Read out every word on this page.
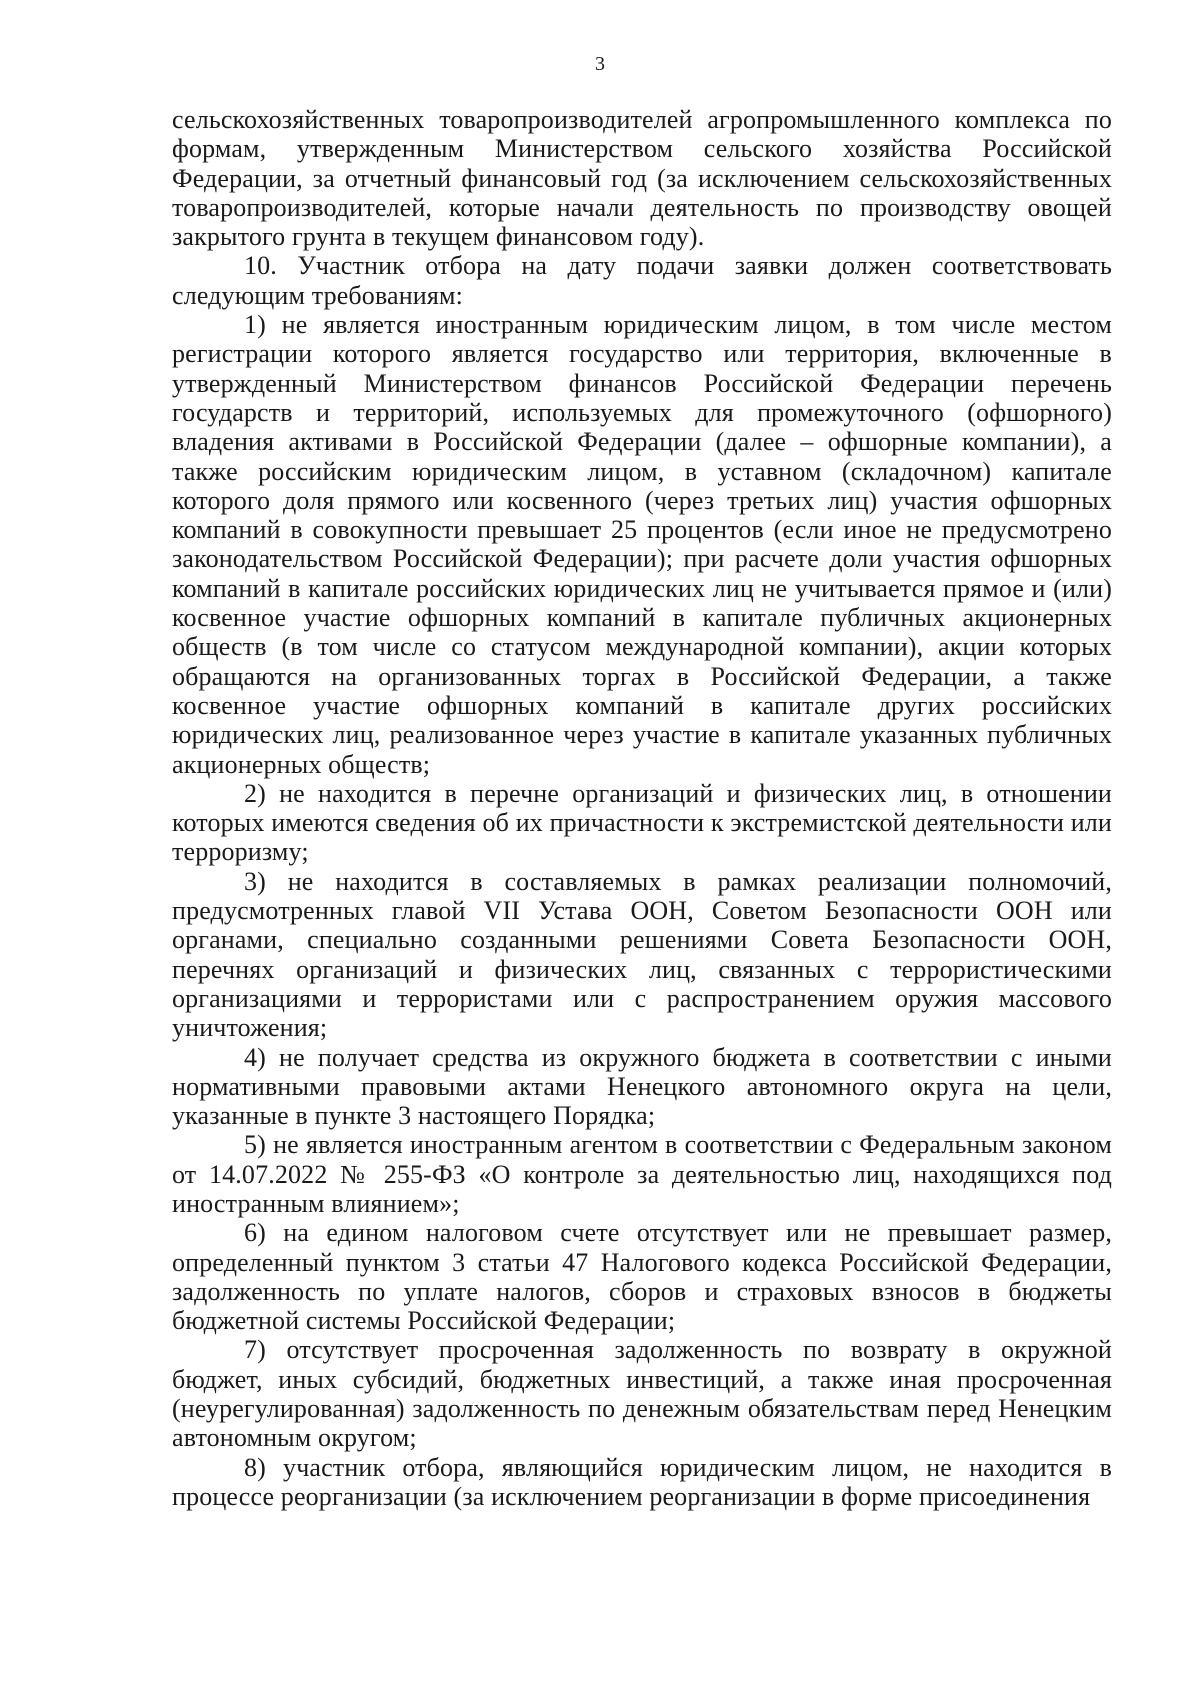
3

сельскохозяйственных товаропроизводителей агропромышленного комплекса по формам, утвержденным Министерством сельского хозяйства Российской Федерации, за отчетный финансовый год (за исключением сельскохозяйственных товаропроизводителей, которые начали деятельность по производству овощей закрытого грунта в текущем финансовом году).

10. Участник отбора на дату подачи заявки должен соответствовать следующим требованиям:

1) не является иностранным юридическим лицом, в том числе местом регистрации которого является государство или территория, включенные в утвержденный Министерством финансов Российской Федерации перечень государств и территорий, используемых для промежуточного (офшорного) владения активами в Российской Федерации (далее – офшорные компании), а также российским юридическим лицом, в уставном (складочном) капитале которого доля прямого или косвенного (через третьих лиц) участия офшорных компаний в совокупности превышает 25 процентов (если иное не предусмотрено законодательством Российской Федерации); при расчете доли участия офшорных компаний в капитале российских юридических лиц не учитывается прямое и (или) косвенное участие офшорных компаний в капитале публичных акционерных обществ (в том числе со статусом международной компании), акции которых обращаются на организованных торгах в Российской Федерации, а также косвенное участие офшорных компаний в капитале других российских юридических лиц, реализованное через участие в капитале указанных публичных акционерных обществ;

2) не находится в перечне организаций и физических лиц, в отношении которых имеются сведения об их причастности к экстремистской деятельности или терроризму;

3) не находится в составляемых в рамках реализации полномочий, предусмотренных главой VII Устава ООН, Советом Безопасности ООН или органами, специально созданными решениями Совета Безопасности ООН, перечнях организаций и физических лиц, связанных с террористическими организациями и террористами или с распространением оружия массового уничтожения;

4) не получает средства из окружного бюджета в соответствии с иными нормативными правовыми актами Ненецкого автономного округа на цели, указанные в пункте 3 настоящего Порядка;

5) не является иностранным агентом в соответствии с Федеральным законом от 14.07.2022 № 255-ФЗ «О контроле за деятельностью лиц, находящихся под иностранным влиянием»;

6) на едином налоговом счете отсутствует или не превышает размер, определенный пунктом 3 статьи 47 Налогового кодекса Российской Федерации, задолженность по уплате налогов, сборов и страховых взносов в бюджеты бюджетной системы Российской Федерации;

7) отсутствует просроченная задолженность по возврату в окружной бюджет, иных субсидий, бюджетных инвестиций, а также иная просроченная (неурегулированная) задолженность по денежным обязательствам перед Ненецким автономным округом;

8) участник отбора, являющийся юридическим лицом, не находится в процессе реорганизации (за исключением реорганизации в форме присоединения
